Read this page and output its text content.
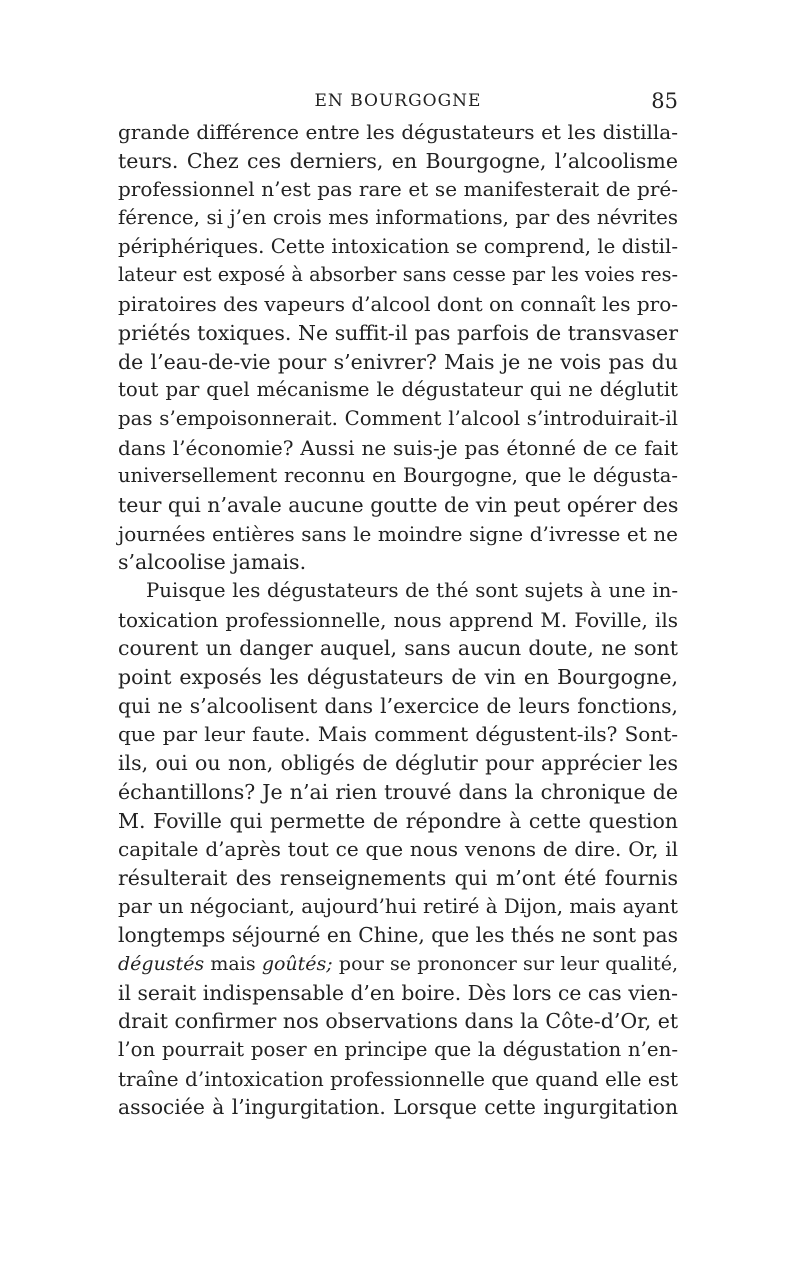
EN BOURGOGNE	85
grande différence entre les dégustateurs et les distilla-
teurs. Chez ces derniers, en Bourgogne, l’alcoolisme
professionnel n’est pas rare et se manifesterait de pré-
férence, si j’en crois mes informations, par des névrites
périphériques. Cette intoxication se comprend, le distil-
lateur est exposé à absorber sans cesse par les voies res-
piratoires des vapeurs d’alcool dont on connaît les pro-
priétés toxiques. Ne suffit-il pas parfois de transvaser
de l’eau-de-vie pour s’enivrer? Mais je ne vois pas du
tout par quel mécanisme le dégustateur qui ne déglutit
pas s’empoisonnerait. Comment l’alcool s’introduirait-il
dans l’économie? Aussi ne suis-je pas étonné de ce fait
universellement reconnu en Bourgogne, que le dégusta-
teur qui n’avale aucune goutte de vin peut opérer des
journées entières sans le moindre signe d’ivresse et ne
s’alcoolise jamais.
Puisque les dégustateurs de thé sont sujets à une in-
toxication professionnelle, nous apprend M. Foville, ils
courent un danger auquel, sans aucun doute, ne sont
point exposés les dégustateurs de vin en Bourgogne,
qui ne s’alcoolisent dans l’exercice de leurs fonctions,
que par leur faute. Mais comment dégustent-ils? Sont-
ils, oui ou non, obligés de déglutir pour apprécier les
échantillons? Je n’ai rien trouvé dans la chronique de
M. Foville qui permette de répondre à cette question
capitale d’après tout ce que nous venons de dire. Or, il
résulterait des renseignements qui m’ont été fournis
par un négociant, aujourd’hui retiré à Dijon, mais ayant
longtemps séjourné en Chine, que les thés ne sont pas
dégustés mais goûtés; pour se prononcer sur leur qualité,
il serait indispensable d’en boire. Dès lors ce cas vien-
drait confirmer nos observations dans la Côte-d’Or, et
l’on pourrait poser en principe que la dégustation n’en-
traîne d’intoxication professionnelle que quand elle est
associée à l’ingurgitation. Lorsque cette ingurgitation
